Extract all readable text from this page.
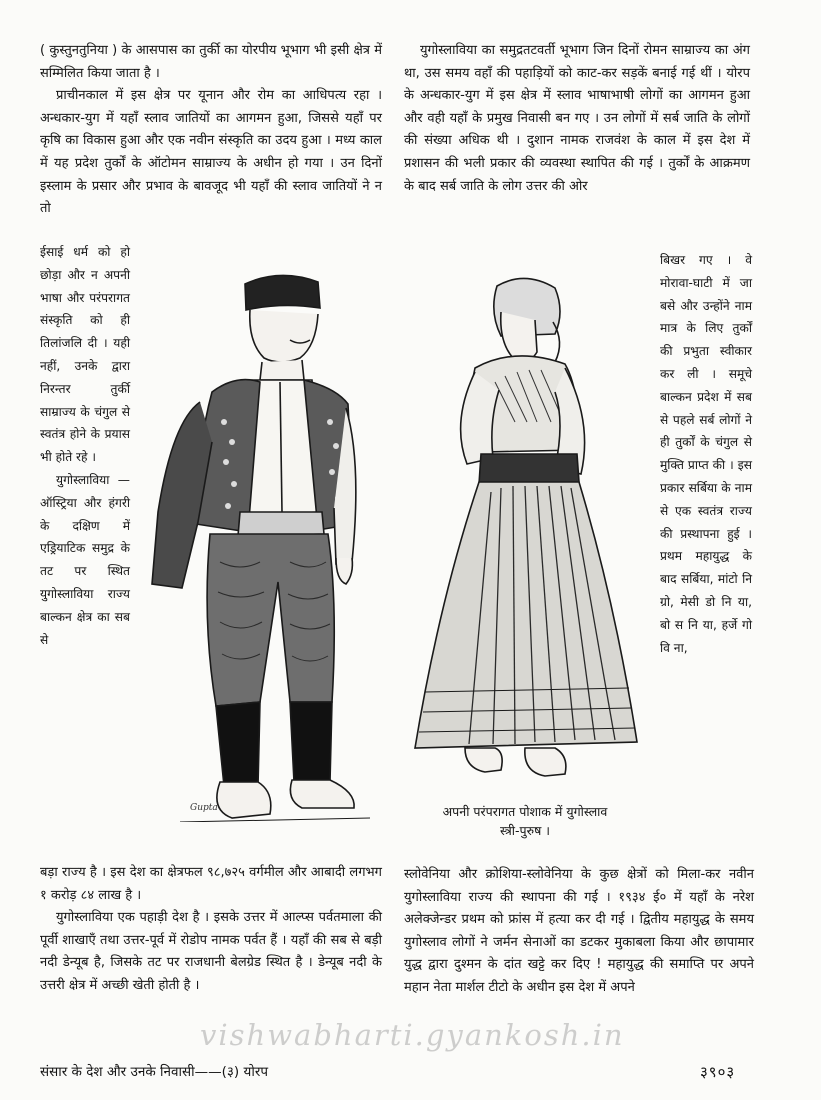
( कुस्तुनतुनिया ) के आसपास का तुर्की का योरपीय भूभाग भी इसी क्षेत्र में सम्मिलित किया जाता है ।

प्राचीनकाल में इस क्षेत्र पर यूनान और रोम का आधिपत्य रहा । अन्धकार-युग में यहाँ स्लाव जातियों का आगमन हुआ, जिससे यहाँ पर कृषि का विकास हुआ और एक नवीन संस्कृति का उदय हुआ । मध्य काल में यह प्रदेश तुर्कों के ऑटोमन साम्राज्य के अधीन हो गया । उन दिनों इस्लाम के प्रसार और प्रभाव के बावजूद भी यहाँ की स्लाव जातियों ने न तो

ईसाई धर्म को हो छोड़ा और न अपनी भाषा और परंपरागत संस्कृति को ही तिलांजलि दी । यही नहीं, उनके द्वारा निरन्तर तुर्की साम्राज्य के चंगुल से स्वतंत्र होने के प्रयास भी होते रहे ।

युगोस्लाविया — ऑस्ट्रिया और हंगरी के दक्षिण में एड्रियाटिक समुद्र के तट पर स्थित युगोस्लाविया राज्य बाल्कन क्षेत्र का सब से

Gupta	अपनी परंपरागत पोशाक में युगोस्लाव
स्त्री-पुरुष ।

युगोस्लाविया का समुद्रतटवर्ती भूभाग जिन दिनों रोमन साम्राज्य का अंग था, उस समय वहाँ की पहाड़ियों को काट-कर सड़कें बनाई गई थीं । योरप के अन्धकार-युग में इस क्षेत्र में स्लाव भाषाभाषी लोगों का आगमन हुआ और वही यहाँ के प्रमुख निवासी बन गए । उन लोगों में सर्ब जाति के लोगों की संख्या अधिक थी । दुशान नामक राजवंश के काल में इस देश में प्रशासन की भली प्रकार की व्यवस्था स्थापित की गई । तुर्कों के आक्रमण के बाद सर्ब जाति के लोग उत्तर की ओर

बिखर गए । वे मोरावा-घाटी में जा बसे और उन्होंने नाम मात्र के लिए तुर्कों की प्रभुता स्वीकार कर ली । समूचे बाल्कन प्रदेश में सब से पहले सर्ब लोगों ने ही तुर्कों के चंगुल से मुक्ति प्राप्त की । इस प्रकार सर्बिया के नाम से एक स्वतंत्र राज्य की प्रस्थापना हुई । प्रथम महायुद्ध के बाद सर्बिया, मांटो नि ग्रो, मेसी डो नि या, बो स नि या, हर्जे गो वि ना,

बड़ा राज्य है । इस देश का क्षेत्रफल ९८,७२५ वर्गमील और आबादी लगभग १ करोड़ ८४ लाख है ।

युगोस्लाविया एक पहाड़ी देश है । इसके उत्तर में आल्प्स पर्वतमाला की पूर्वी शाखाएँ तथा उत्तर-पूर्व में रोडोप नामक पर्वत हैं । यहाँ की सब से बड़ी नदी डेन्यूब है, जिसके तट पर राजधानी बेलग्रेड स्थित है । डेन्यूब नदी के उत्तरी क्षेत्र में अच्छी खेती होती है ।

स्लोवेनिया और क्रोशिया-स्लोवेनिया के कुछ क्षेत्रों को मिला-कर नवीन युगोस्लाविया राज्य की स्थापना की गई । १९३४ ई० में यहाँ के नरेश अलेक्जेन्डर प्रथम को फ्रांस में हत्या कर दी गई । द्वितीय महायुद्ध के समय युगोस्लाव लोगों ने जर्मन सेनाओं का डटकर मुकाबला किया और छापामार युद्ध द्वारा दुश्मन के दांत खट्टे कर दिए ! महायुद्ध की समाप्ति पर अपने महान नेता मार्शल टीटो के अधीन इस देश में अपने

vishwabharti.gyankosh.in
संसार के देश और उनके निवासी——(३) योरप	३९०३
